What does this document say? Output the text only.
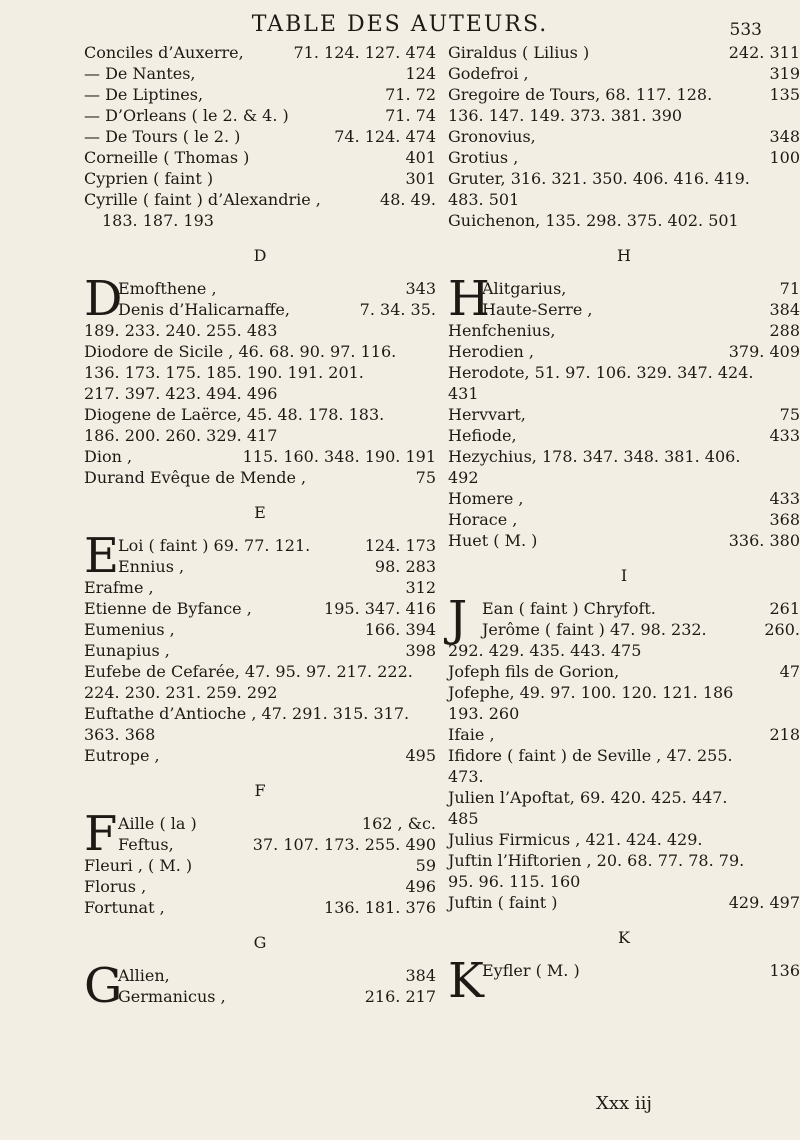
TABLE DES AUTEURS.	533
Conciles d’Auxerre,	71. 124. 127. 474
— De Nantes,	124
— De Liptines,	71. 72
— D’Orleans ( le 2. & 4. )	71. 74
— De Tours ( le 2. )	74. 124. 474
Corneille ( Thomas )	401
Cyprien ( faint )	301
Cyrille ( faint ) d’Alexandrie ,	48. 49.
183. 187. 193
D
D
Emofthene ,	343
Denis d’Halicarnaffe,	7. 34. 35.
189. 233. 240. 255. 483
Diodore de Sicile , 46. 68. 90. 97. 116.
136. 173. 175. 185. 190. 191. 201.
217. 397. 423. 494. 496
Diogene de Laërce, 45. 48. 178. 183.
186. 200. 260. 329. 417
Dion ,	115. 160. 348. 190. 191
Durand Evêque de Mende ,	75
E
E
Loi ( faint ) 69. 77. 121.	124. 173
Ennius ,	98. 283
Erafme ,	312
Etienne de Byfance ,	195. 347. 416
Eumenius ,	166. 394
Eunapius ,	398
Eufebe de Cefarée, 47. 95. 97. 217. 222.
224. 230. 231. 259. 292
Euftathe d’Antioche , 47. 291. 315. 317.
363. 368
Eutrope ,	495
F
F Aille ( la )	162 , &c.
Feftus,	37. 107. 173. 255. 490
Fleuri , ( M. )	59
Florus ,	496
Fortunat ,	136. 181. 376
G
G
Allien,	384
Germanicus ,	216. 217
Giraldus ( Lilius )	242. 311
Godefroi ,	319
Gregoire de Tours, 68. 117. 128.	135
136. 147. 149. 373. 381. 390
Gronovius,	348
Grotius ,	100
Gruter, 316. 321. 350. 406. 416. 419.
483. 501
Guichenon, 135. 298. 375. 402. 501
H
H
Alitgarius,	71
Haute-Serre ,	384
Henfchenius,	288
Herodien ,	379. 409
Herodote, 51. 97. 106. 329. 347. 424.
431
Hervvart,	75
Hefiode,	433
Hezychius, 178. 347. 348. 381. 406.
492
Homere ,	433
Horace ,	368
Huet ( M. )	336. 380
I
J Ean ( faint ) Chryfoft.	261
Jerôme ( faint ) 47. 98. 232.	260.
292. 429. 435. 443. 475
Jofeph fils de Gorion,	47
Jofephe, 49. 97. 100. 120. 121. 186
193. 260
Ifaie ,	218
Ifidore ( faint ) de Seville , 47. 255.
473.
Julien l’Apoftat, 69. 420. 425. 447.
485
Julius Firmicus , 421. 424. 429.
Juftin l’Hiftorien , 20. 68. 77. 78. 79.
95. 96. 115. 160
Juftin ( faint )	429. 497
K
K
Eyfler ( M. )	136
Xxx iij
